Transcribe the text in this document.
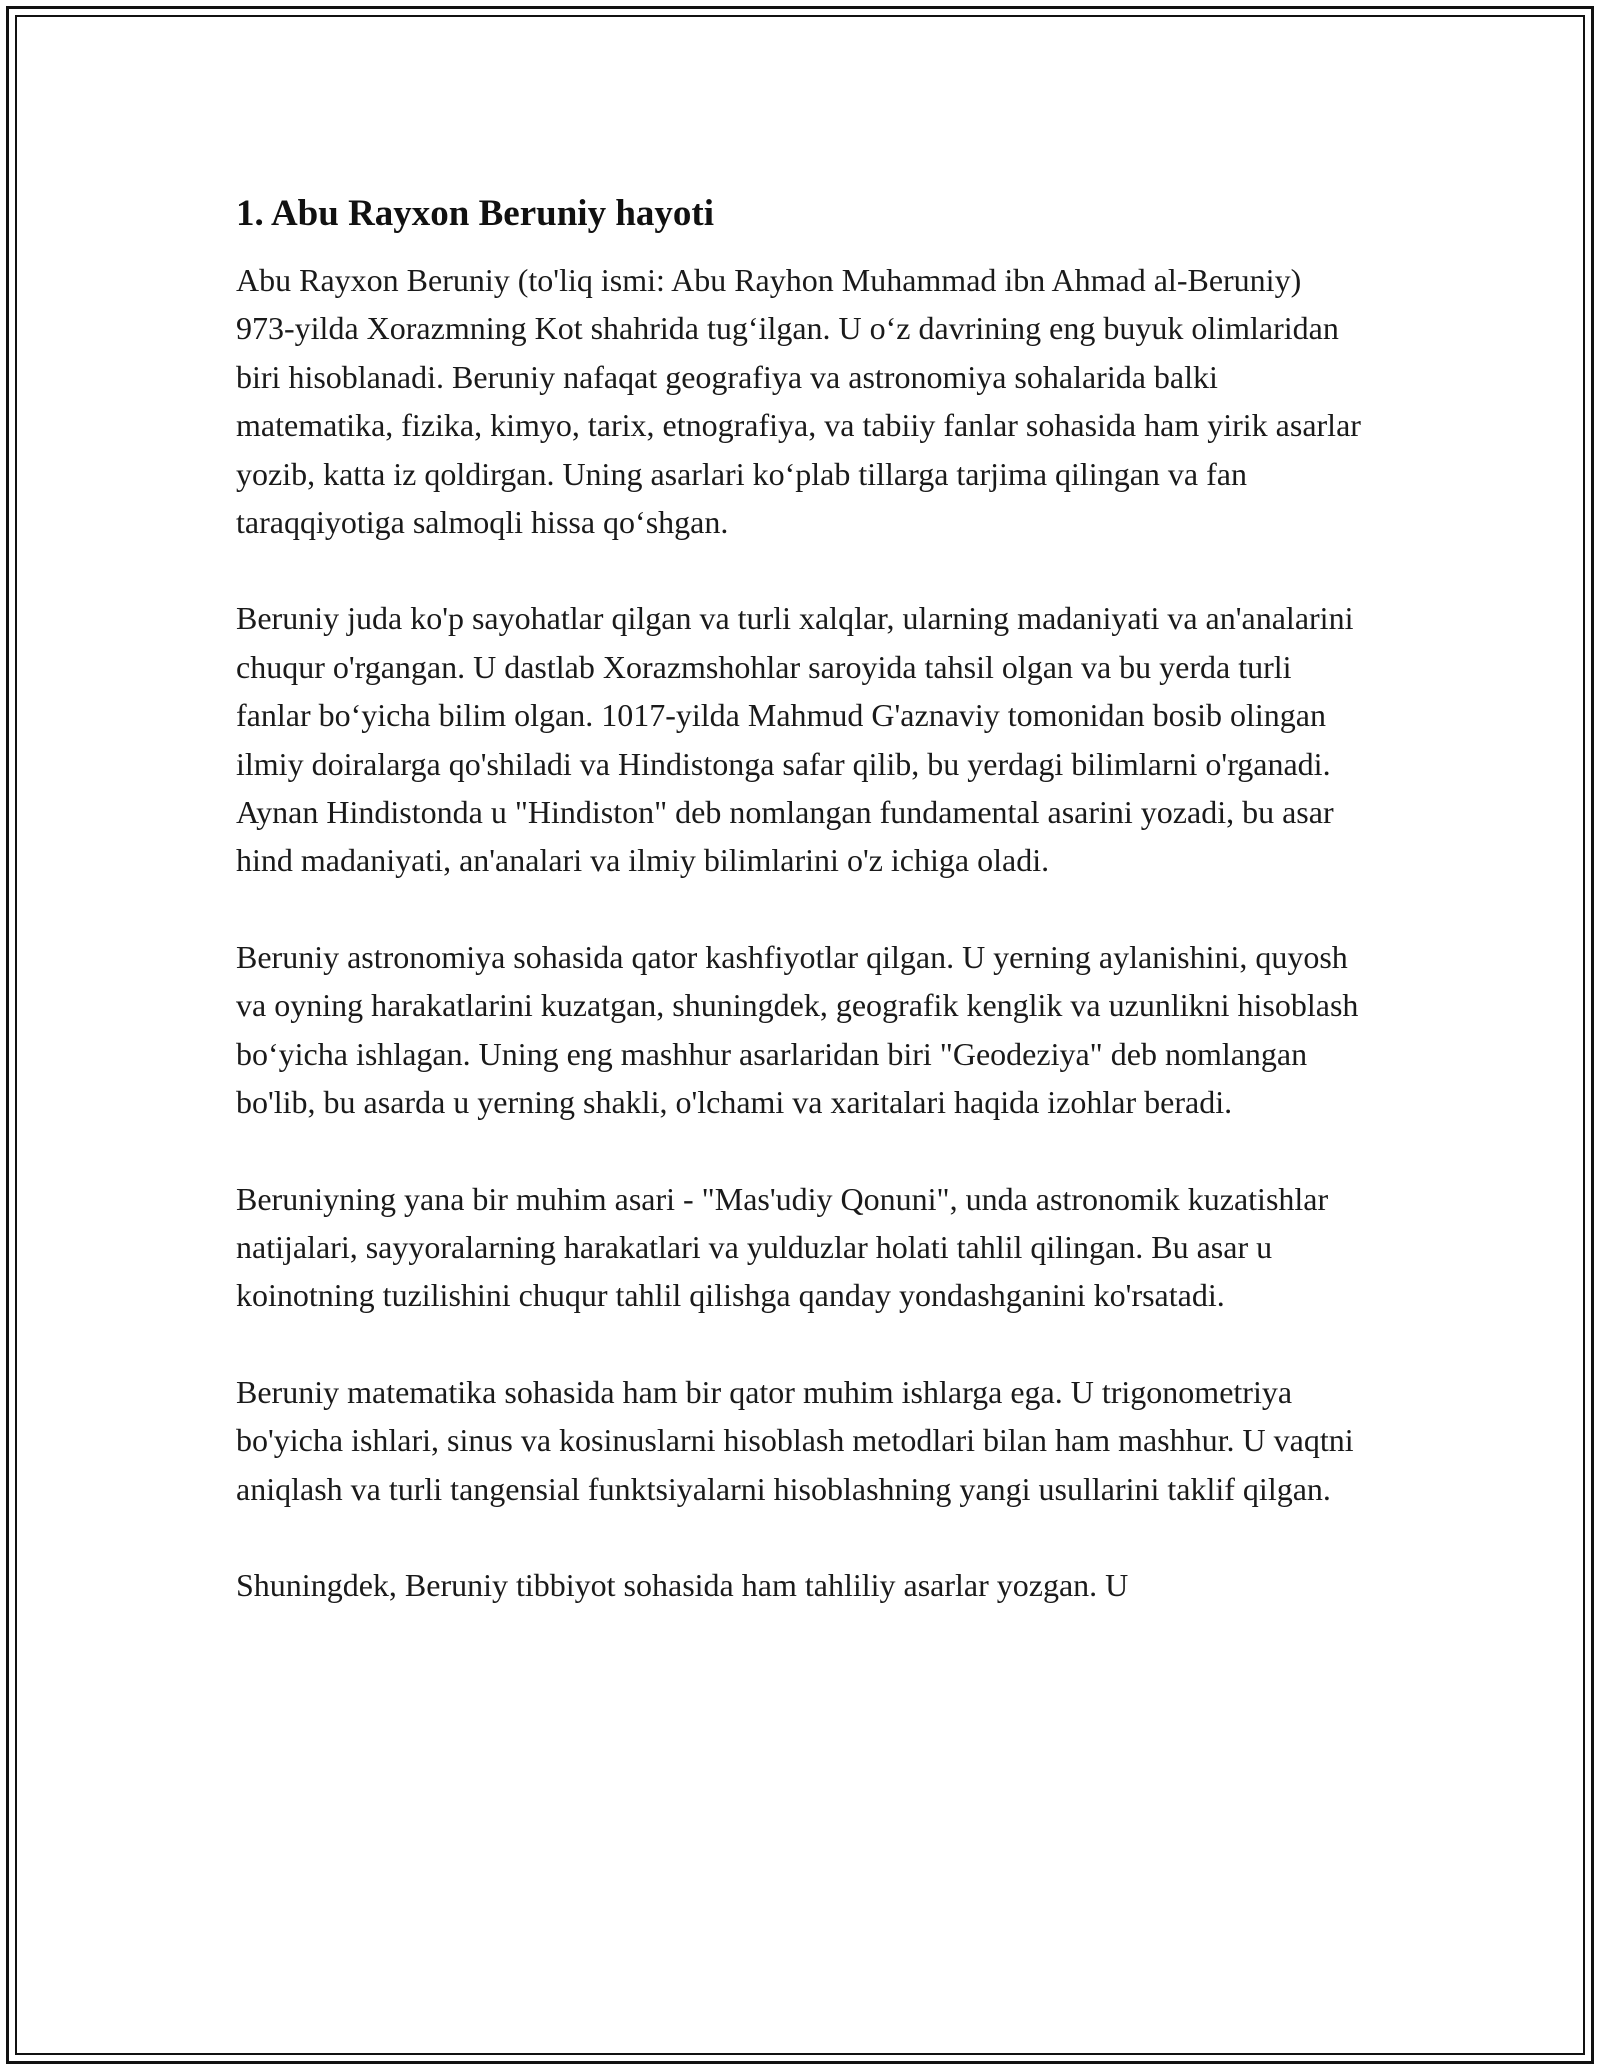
1. Abu Rayxon Beruniy hayoti

Abu Rayxon Beruniy (to'liq ismi: Abu Rayhon Muhammad ibn Ahmad al-Beruniy) 973-yilda Xorazmning Kot shahrida tug‘ilgan. U o‘z davrining eng buyuk olimlaridan biri hisoblanadi. Beruniy nafaqat geografiya va astronomiya sohalarida balki matematika, fizika, kimyo, tarix, etnografiya, va tabiiy fanlar sohasida ham yirik asarlar yozib, katta iz qoldirgan. Uning asarlari ko‘plab tillarga tarjima qilingan va fan taraqqiyotiga salmoqli hissa qo‘shgan.

Beruniy juda ko'p sayohatlar qilgan va turli xalqlar, ularning madaniyati va an'analarini chuqur o'rgangan. U dastlab Xorazmshohlar saroyida tahsil olgan va bu yerda turli fanlar bo‘yicha bilim olgan. 1017-yilda Mahmud G'aznaviy tomonidan bosib olingan ilmiy doiralarga qo'shiladi va Hindistonga safar qilib, bu yerdagi bilimlarni o'rganadi. Aynan Hindistonda u "Hindiston" deb nomlangan fundamental asarini yozadi, bu asar hind madaniyati, an'analari va ilmiy bilimlarini o'z ichiga oladi.

Beruniy astronomiya sohasida qator kashfiyotlar qilgan. U yerning aylanishini, quyosh va oyning harakatlarini kuzatgan, shuningdek, geografik kenglik va uzunlikni hisoblash bo‘yicha ishlagan. Uning eng mashhur asarlaridan biri "Geodeziya" deb nomlangan bo'lib, bu asarda u yerning shakli, o'lchami va xaritalari haqida izohlar beradi.

Beruniyning yana bir muhim asari - "Mas'udiy Qonuni", unda astronomik kuzatishlar natijalari, sayyoralarning harakatlari va yulduzlar holati tahlil qilingan. Bu asar u koinotning tuzilishini chuqur tahlil qilishga qanday yondashganini ko'rsatadi.

Beruniy matematika sohasida ham bir qator muhim ishlarga ega. U trigonometriya bo'yicha ishlari, sinus va kosinuslarni hisoblash metodlari bilan ham mashhur. U vaqtni aniqlash va turli tangensial funktsiyalarni hisoblashning yangi usullarini taklif qilgan.

Shuningdek, Beruniy tibbiyot sohasida ham tahliliy asarlar yozgan. U
